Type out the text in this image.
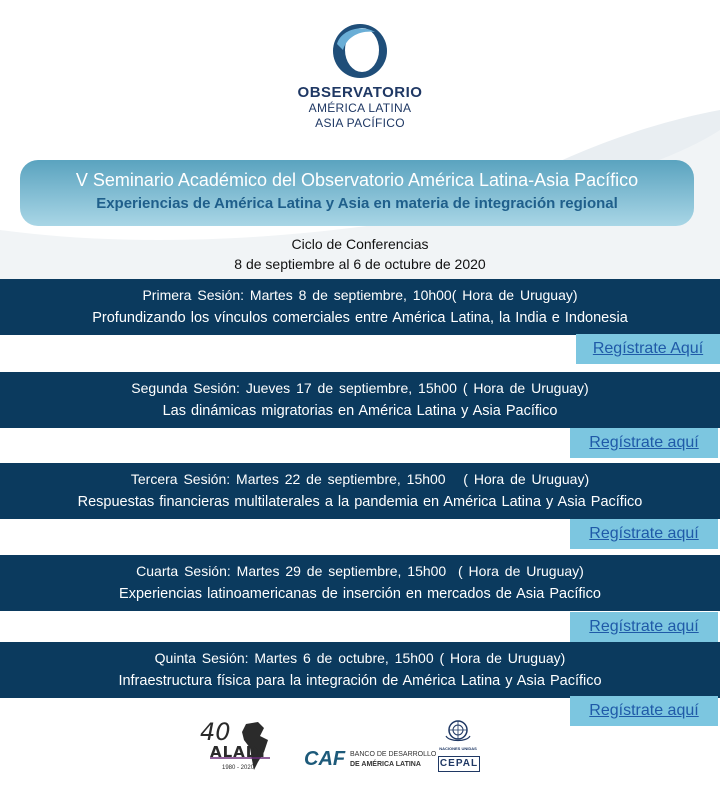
OBSERVATORIO
AMÉRICA LATINA
ASIA PACÍFICO
V Seminario Académico del Observatorio América Latina-Asia Pacífico
Experiencias de América Latina y Asia en materia de integración regional
Ciclo de Conferencias
8 de septiembre al 6 de octubre de 2020
Primera Sesión: Martes 8 de septiembre, 10h00( Hora de Uruguay)
Profundizando los vínculos comerciales entre América Latina, la India e Indonesia
Regístrate Aquí
Segunda Sesión: Jueves 17 de septiembre, 15h00 ( Hora de Uruguay)
Las dinámicas migratorias en América Latina y Asia Pacífico
Regístrate aquí
Tercera Sesión: Martes 22 de septiembre, 15h00 ( Hora de Uruguay)
Respuestas financieras multilaterales a la pandemia en América Latina y Asia Pacífico
Regístrate aquí
Cuarta Sesión: Martes 29 de septiembre, 15h00 ( Hora de Uruguay)
Experiencias latinoamericanas de inserción en mercados de Asia Pacífico
Regístrate aquí
Quinta Sesión: Martes 6 de octubre, 15h00 ( Hora de Uruguay)
Infraestructura física para la integración de América Latina y Asia Pacífico
Regístrate aquí
40
ALADI
1980 - 2020 CAF BANCO DE DESARROLLO
DE AMÉRICA LATINA
NACIONES UNIDAS
CEPAL
